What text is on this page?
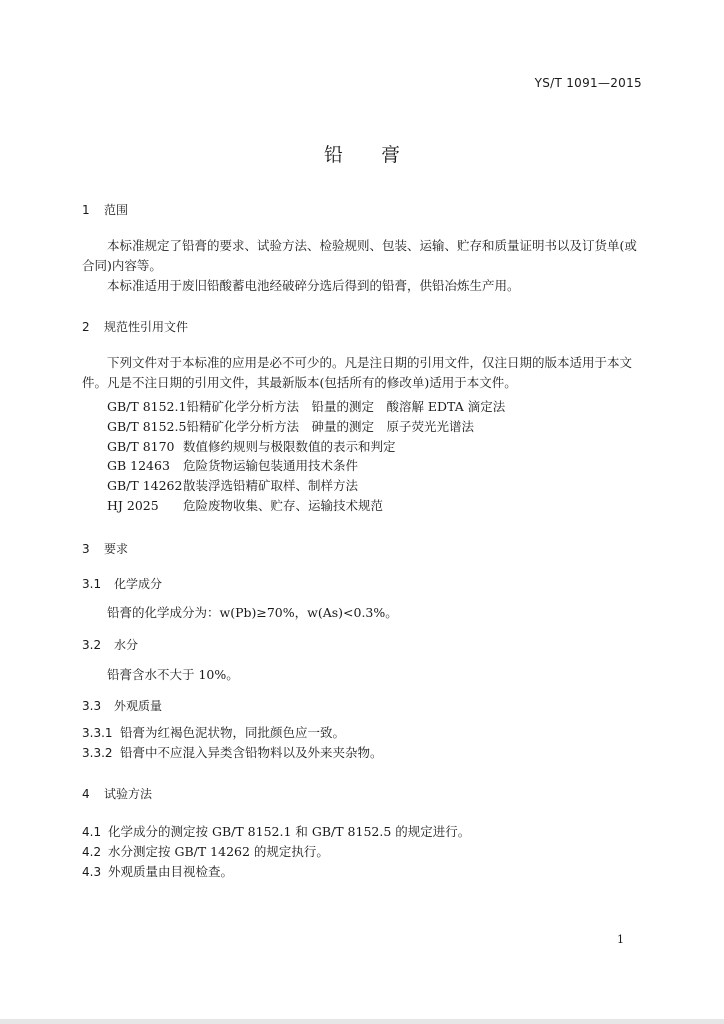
YS/T 1091—2015
铅　　膏
1 范围
本标准规定了铅膏的要求、试验方法、检验规则、包装、运输、贮存和质量证明书以及订货单(或合同)内容等。
本标准适用于废旧铅酸蓄电池经破碎分选后得到的铅膏，供铅冶炼生产用。
2 规范性引用文件
下列文件对于本标准的应用是必不可少的。凡是注日期的引用文件，仅注日期的版本适用于本文件。凡是不注日期的引用文件，其最新版本(包括所有的修改单)适用于本文件。
GB/T 8152.1铅精矿化学分析方法　铅量的测定　酸溶解 EDTA 滴定法
GB/T 8152.5铅精矿化学分析方法　砷量的测定　原子荧光光谱法
GB/T 8170 数值修约规则与极限数值的表示和判定
GB 12463 危险货物运输包装通用技术条件
GB/T 14262散装浮选铅精矿取样、制样方法
HJ 2025 危险废物收集、贮存、运输技术规范
3 要求
3.1 化学成分
铅膏的化学成分为：w(Pb)≥70%，w(As)<0.3%。
3.2 水分
铅膏含水不大于 10%。
3.3 外观质量
3.3.1 铅膏为红褐色泥状物，同批颜色应一致。
3.3.2 铅膏中不应混入异类含铅物料以及外来夹杂物。
4 试验方法
4.1 化学成分的测定按 GB/T 8152.1 和 GB/T 8152.5 的规定进行。
4.2 水分测定按 GB/T 14262 的规定执行。
4.3 外观质量由目视检查。
1
